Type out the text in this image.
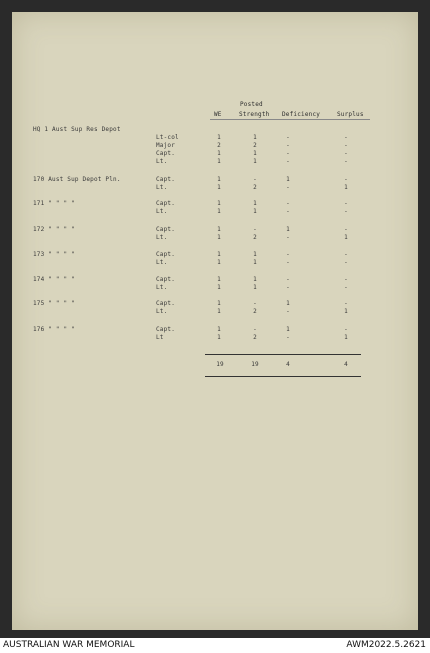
Posted
WE	Strength Deficiency	Surplus
HQ 1 Aust Sup Res Depot
Lt-col	1	1	-	-
Major	2	2	-	-
Capt.	1	1	-	-
Lt.	1	1	-	-
170 Aust Sup Depot Pln.	Capt.	1	-	1	-
Lt.	1	2	-	1
171 " " " "	Capt.	1	1	-	-
Lt.	1	1	-	-
172 " " " "	Capt.	1	-	1	-
Lt.	1	2	-	1
173 " " " "	Capt.	1	1	-	-
Lt.	1	1	-	-
174 " " " "	Capt.	1	1	-	-
Lt.	1	1	-	-
175 " " " "	Capt.	1	-	1	-
Lt.	1	2	-	1
176 " " " "	Capt.	1	-	1	-
Lt	1	2	-	1
19	19	4	4
AUSTRALIAN WAR MEMORIAL	AWM2022.5.2621
